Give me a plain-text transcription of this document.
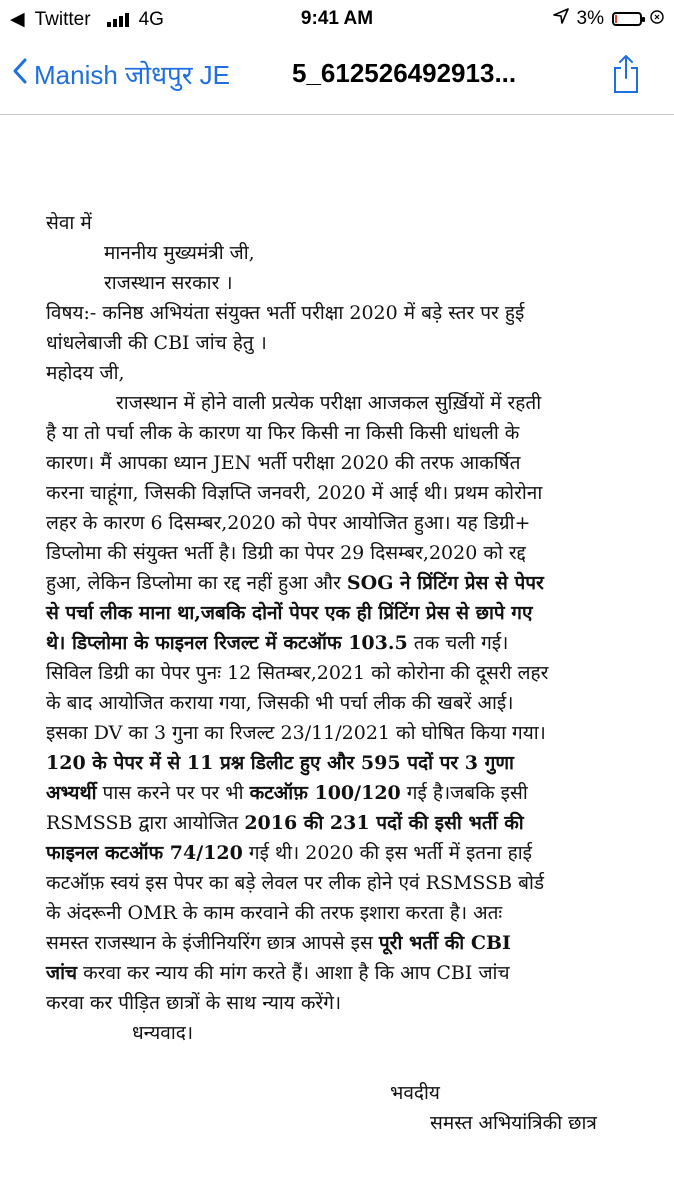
◀ Twitter	4G	9:41 AM	3%
Manish जोधपुर JE 5_612526492913...
सेवा में
माननीय मुख्यमंत्री जी,
राजस्थान सरकार ।
विषय:- कनिष्ठ अभियंता संयुक्त भर्ती परीक्षा 2020 में बड़े स्तर पर हुई
धांधलेबाजी की CBI जांच हेतु ।
महोदय जी,
राजस्थान में होने वाली प्रत्येक परीक्षा आजकल सुर्ख़ियों में रहती
है या तो पर्चा लीक के कारण या फिर किसी ना किसी किसी धांधली के
कारण। मैं आपका ध्यान JEN भर्ती परीक्षा 2020 की तरफ आकर्षित
करना चाहूंगा, जिसकी विज्ञप्ति जनवरी, 2020 में आई थी। प्रथम कोरोना
लहर के कारण 6 दिसम्बर,2020 को पेपर आयोजित हुआ। यह डिग्री+
डिप्लोमा की संयुक्त भर्ती है। डिग्री का पेपर 29 दिसम्बर,2020 को रद्द
हुआ, लेकिन डिप्लोमा का रद्द नहीं हुआ और SOG ने प्रिंटिंग प्रेस से पेपर
से पर्चा लीक माना था,जबकि दोनों पेपर एक ही प्रिंटिंग प्रेस से छापे गए
थे। डिप्लोमा के फाइनल रिजल्ट में कटऑफ 103.5 तक चली गई।
सिविल डिग्री का पेपर पुनः 12 सितम्बर,2021 को कोरोना की दूसरी लहर
के बाद आयोजित कराया गया, जिसकी भी पर्चा लीक की खबरें आई।
इसका DV का 3 गुना का रिजल्ट 23/11/2021 को घोषित किया गया।
120 के पेपर में से 11 प्रश्न डिलीट हुए और 595 पदों पर 3 गुणा
अभ्यर्थी पास करने पर पर भी कटऑफ़ 100/120 गई है।जबकि इसी
RSMSSB द्वारा आयोजित 2016 की 231 पदों की इसी भर्ती की
फाइनल कटऑफ 74/120 गई थी। 2020 की इस भर्ती में इतना हाई
कटऑफ़ स्वयं इस पेपर का बड़े लेवल पर लीक होने एवं RSMSSB बोर्ड
के अंदरूनी OMR के काम करवाने की तरफ इशारा करता है। अतः
समस्त राजस्थान के इंजीनियरिंग छात्र आपसे इस पूरी भर्ती की CBI
जांच करवा कर न्याय की मांग करते हैं। आशा है कि आप CBI जांच
करवा कर पीड़ित छात्रों के साथ न्याय करेंगे।
धन्यवाद।
भवदीय
समस्त अभियांत्रिकी छात्र
